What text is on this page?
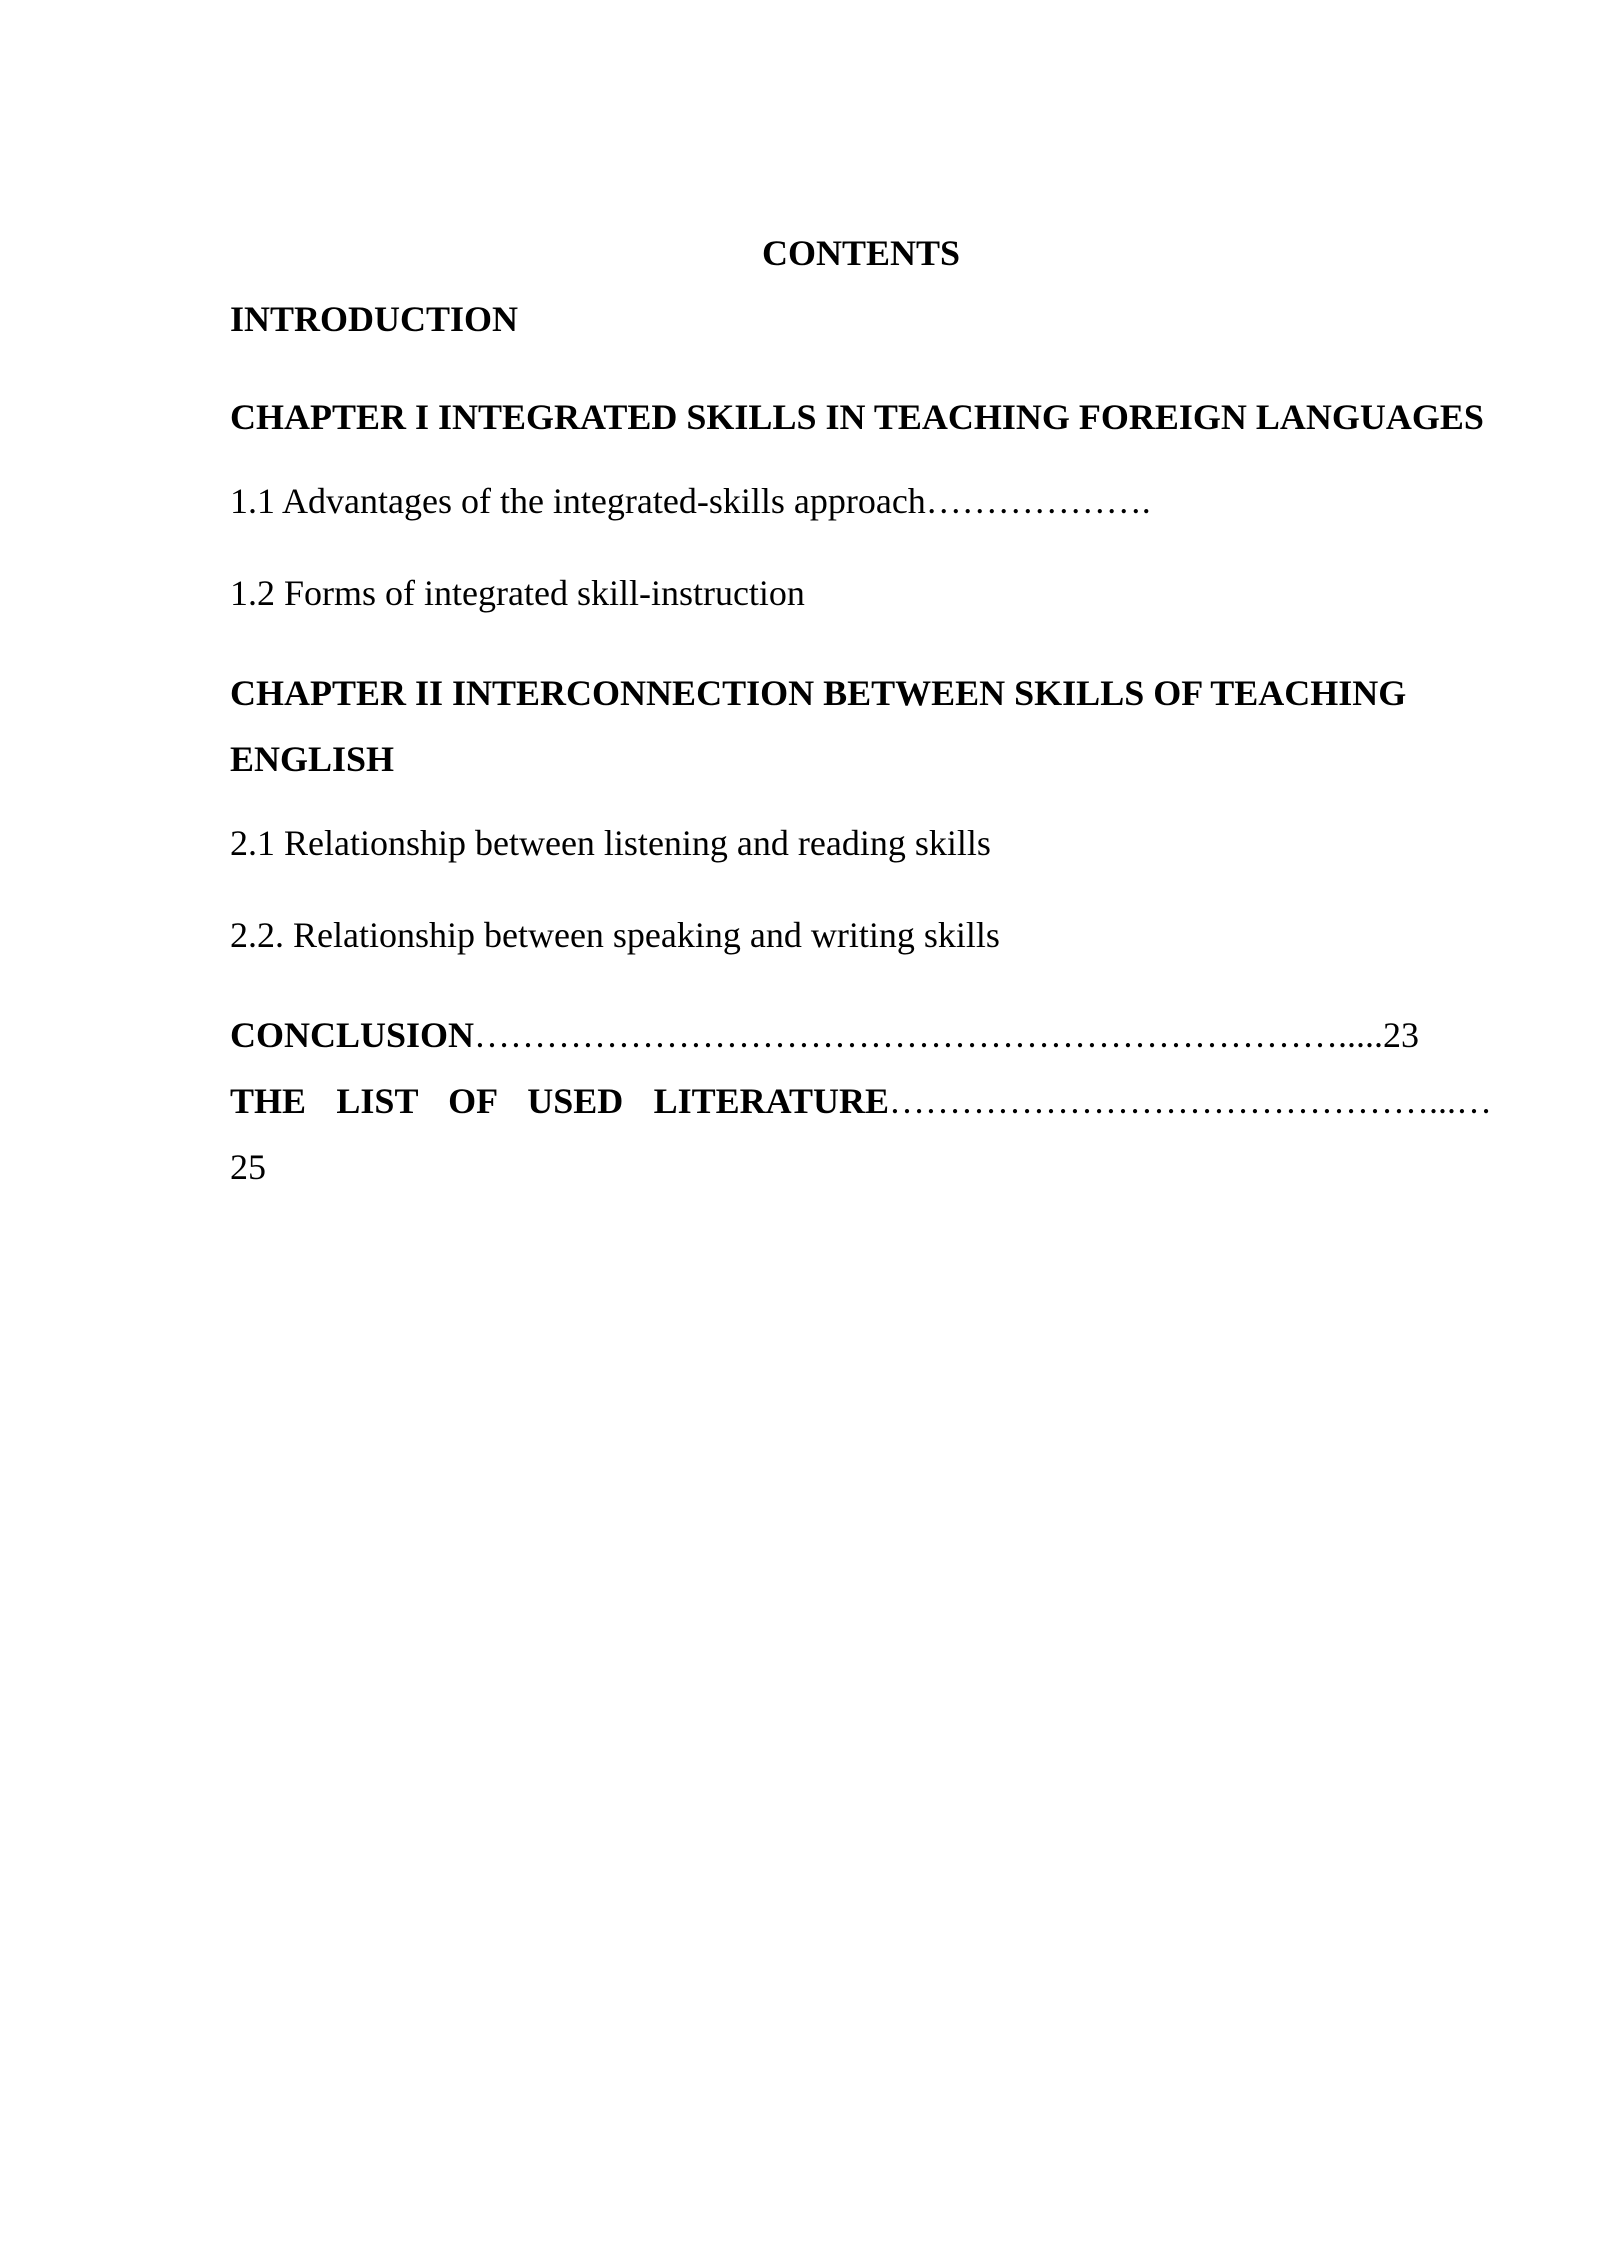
CONTENTS
INTRODUCTION
CHAPTER I INTEGRATED SKILLS IN TEACHING FOREIGN LANGUAGES
1.1 Advantages of the integrated-skills approach……………….
1.2 Forms of integrated skill-instruction
CHAPTER II INTERCONNECTION BETWEEN SKILLS OF TEACHING ENGLISH
2.1 Relationship between listening and reading skills
2.2. Relationship between speaking and writing skills
CONCLUSION……………………………………………………………….....23
THE LIST OF USED LITERATURE………………………………………...…
25
